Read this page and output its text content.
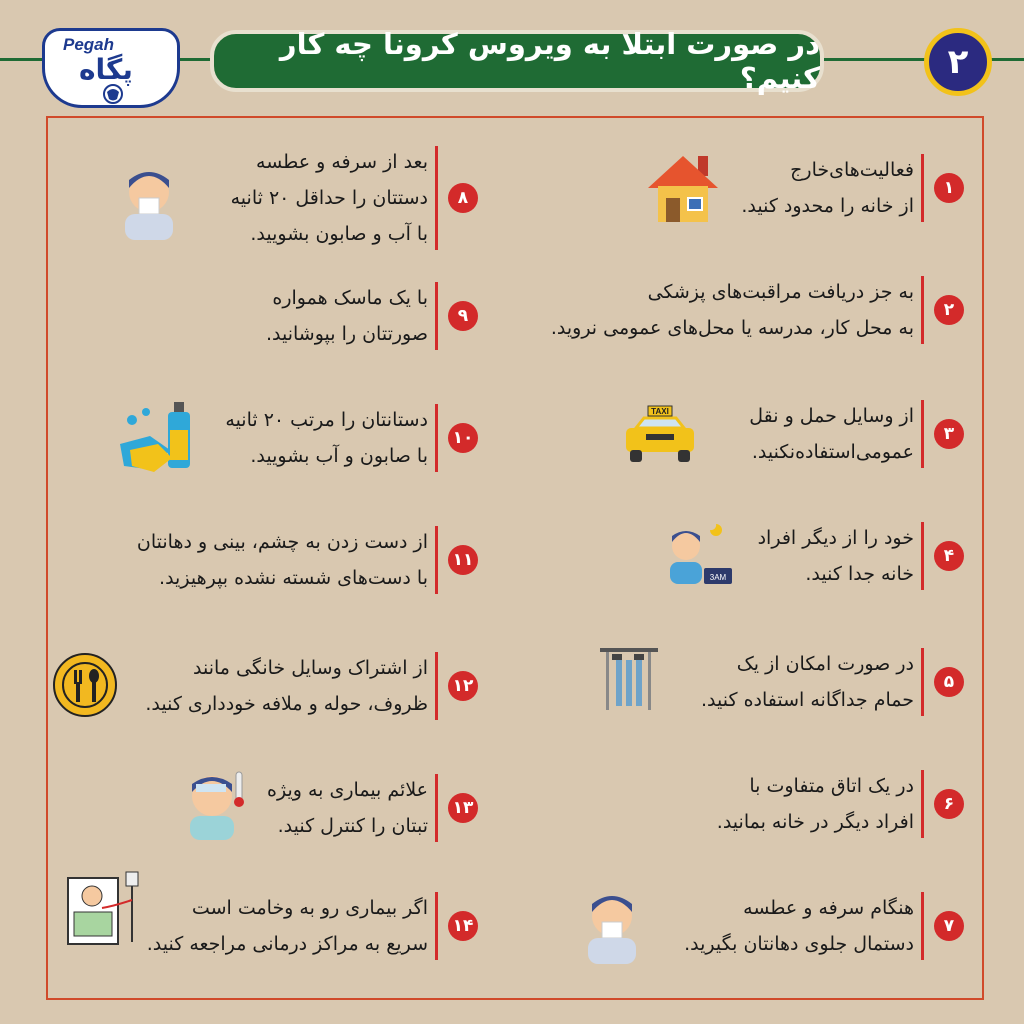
Pegah
پگاه
در صورت ابتلا به ویروس کرونا چه کار کنیم؟	۲
۱
فعالیت‌های‌خارج
از خانه را محدود کنید.
۲
به جز دریافت مراقبت‌های پزشکی
به محل کار، مدرسه یا محل‌های عمومی نروید.
۳
از وسایل حمل و نقل
عمومی‌استفاده‌نکنید.
۴
خود را از دیگر افراد
خانه جدا کنید.
۵
در صورت امکان از یک
حمام جداگانه استفاده کنید.
۶
در یک اتاق متفاوت با
افراد دیگر در خانه بمانید.
۷
هنگام سرفه و عطسه
دستمال جلوی دهانتان بگیرید.
۸
بعد از سرفه و عطسه
دستتان را حداقل ۲۰ ثانیه
با آب و صابون بشویید.
۹
با یک ماسک همواره
صورتتان را بپوشانید.
۱۰
دستانتان را مرتب ۲۰ ثانیه
با صابون و آب بشویید.
۱۱
از دست زدن به چشم، بینی و دهانتان
با دست‌های شسته نشده بپرهیزید.
۱۲
از اشتراک وسایل خانگی مانند
ظروف، حوله و ملافه خودداری کنید.
۱۳
علائم بیماری به ویژه
تبتان را کنترل کنید.
۱۴
اگر بیماری رو به وخامت است
سریع به مراکز درمانی مراجعه کنید.
TAXI
3AM
